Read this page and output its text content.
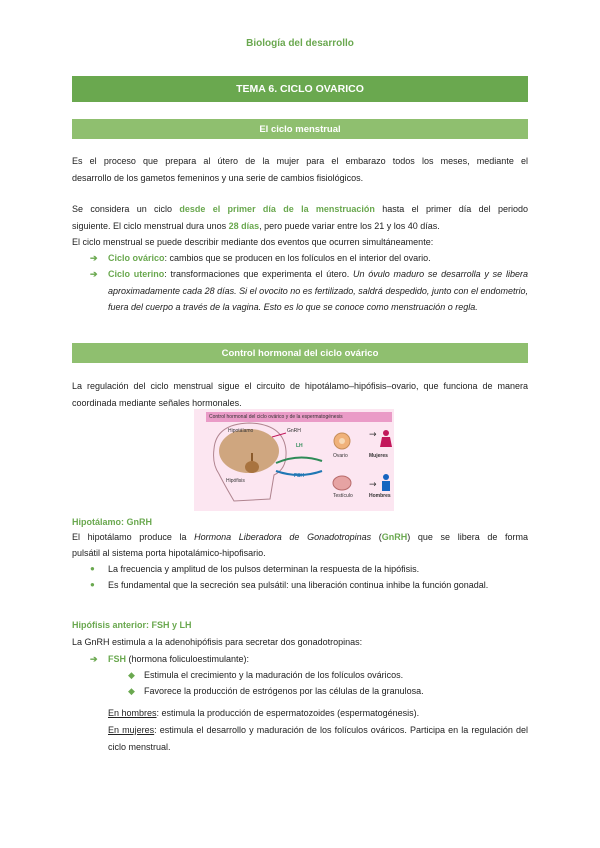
Biología del desarrollo
TEMA 6. CICLO OVARICO
El ciclo menstrual
Es el proceso que prepara al útero de la mujer para el embarazo todos los meses, mediante el
desarrollo de los gametos femeninos y una serie de cambios fisiológicos.
Se considera un ciclo desde el primer día de la menstruación hasta el primer día del periodo
siguiente. El ciclo menstrual dura unos 28 días, pero puede variar entre los 21 y los 40 días.
El ciclo menstrual se puede describir mediante dos eventos que ocurren simultáneamente:
➔	Ciclo ovárico: cambios que se producen en los folículos en el interior del ovario.
➔	Ciclo uterino: transformaciones que experimenta el útero. Un óvulo maduro se desarrolla y se libera aproximadamente cada 28 días. Si el ovocito no es fertilizado, saldrá despedido, junto con el endometrio, fuera del cuerpo a través de la vagina. Esto es lo que se conoce como menstruación o regla.
Control hormonal del ciclo ovárico
La regulación del ciclo menstrual sigue el circuito de hipotálamo–hipófisis–ovario, que funciona de manera coordinada mediante señales hormonales.
Control hormonal del ciclo ovárico y de la espermatogénesis
→
→
Hipotálamo
Hipófisis
GnRH
LH
FSH
Ovario
Testículo
Mujeres
Hombres
Hipotálamo: GnRH
El hipotálamo produce la Hormona Liberadora de Gonadotropinas (GnRH) que se libera de forma
pulsátil al sistema porta hipotalámico-hipofisario.
●	La frecuencia y amplitud de los pulsos determinan la respuesta de la hipófisis.
●	Es fundamental que la secreción sea pulsátil: una liberación continua inhibe la función gonadal.
Hipófisis anterior: FSH y LH
La GnRH estimula a la adenohipófisis para secretar dos gonadotropinas:
➔	FSH (hormona foliculoestimulante):
◆	Estimula el crecimiento y la maduración de los folículos ováricos.
◆	Favorece la producción de estrógenos por las células de la granulosa.
En hombres: estimula la producción de espermatozoides (espermatogénesis).
En mujeres: estimula el desarrollo y maduración de los folículos ováricos. Participa en la regulación del ciclo menstrual.
